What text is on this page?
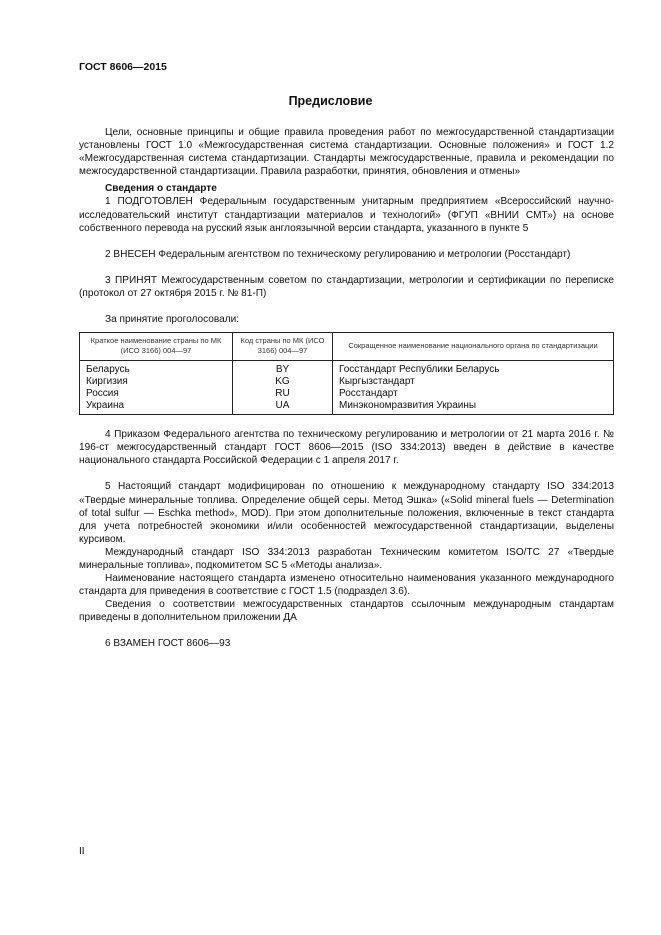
ГОСТ 8606—2015
Предисловие

Цели, основные принципы и общие правила проведения работ по межгосударственной стандартизации установлены ГОСТ 1.0 «Межгосударственная система стандартизации. Основные положения» и ГОСТ 1.2 «Межгосударственная система стандартизации. Стандарты межгосударственные, правила и рекомендации по межгосударственной стандартизации. Правила разработки, принятия, обновления и отмены»

Сведения о стандарте

1 ПОДГОТОВЛЕН Федеральным государственным унитарным предприятием «Всероссийский научно-исследовательский институт стандартизации материалов и технологий» (ФГУП «ВНИИ СМТ») на основе собственного перевода на русский язык англоязычной версии стандарта, указанного в пункте 5

2 ВНЕСЕН Федеральным агентством по техническому регулированию и метрологии (Росстандарт)

3 ПРИНЯТ Межгосударственным советом по стандартизации, метрологии и сертификации по переписке (протокол от 27 октября 2015 г. № 81-П)

За принятие проголосовали:

Краткое наименование страны по МК (ИСО 3166) 004—97	Код страны по МК (ИСО 3166) 004—97	Сокращенное наименование национального органа по стандартизации
Беларусь	BY	Госстандарт Республики Беларусь
Киргизия	KG	Кыргызстандарт
Россия	RU	Росстандарт
Украина	UA	Минэкономразвития Украины

4 Приказом Федерального агентства по техническому регулированию и метрологии от 21 марта 2016 г. № 196-ст межгосударственный стандарт ГОСТ 8606—2015 (ISO 334:2013) введен в действие в качестве национального стандарта Российской Федерации с 1 апреля 2017 г.

5 Настоящий стандарт модифицирован по отношению к международному стандарту ISO 334:2013 «Твердые минеральные топлива. Определение общей серы. Метод Эшка» («Solid mineral fuels — Determination of total sulfur — Eschka method», MOD). При этом дополнительные положения, включенные в текст стандарта для учета потребностей экономики и/или особенностей межгосударственной стандартизации, выделены курсивом.

Международный стандарт ISO 334:2013 разработан Техническим комитетом ISO/TC 27 «Твердые минеральные топлива», подкомитетом SC 5 «Методы анализа».

Наименование настоящего стандарта изменено относительно наименования указанного международного стандарта для приведения в соответствие с ГОСТ 1.5 (подраздел 3.6).

Сведения о соответствии межгосударственных стандартов ссылочным международным стандартам приведены в дополнительном приложении ДА

6 ВЗАМЕН ГОСТ 8606—93

II
